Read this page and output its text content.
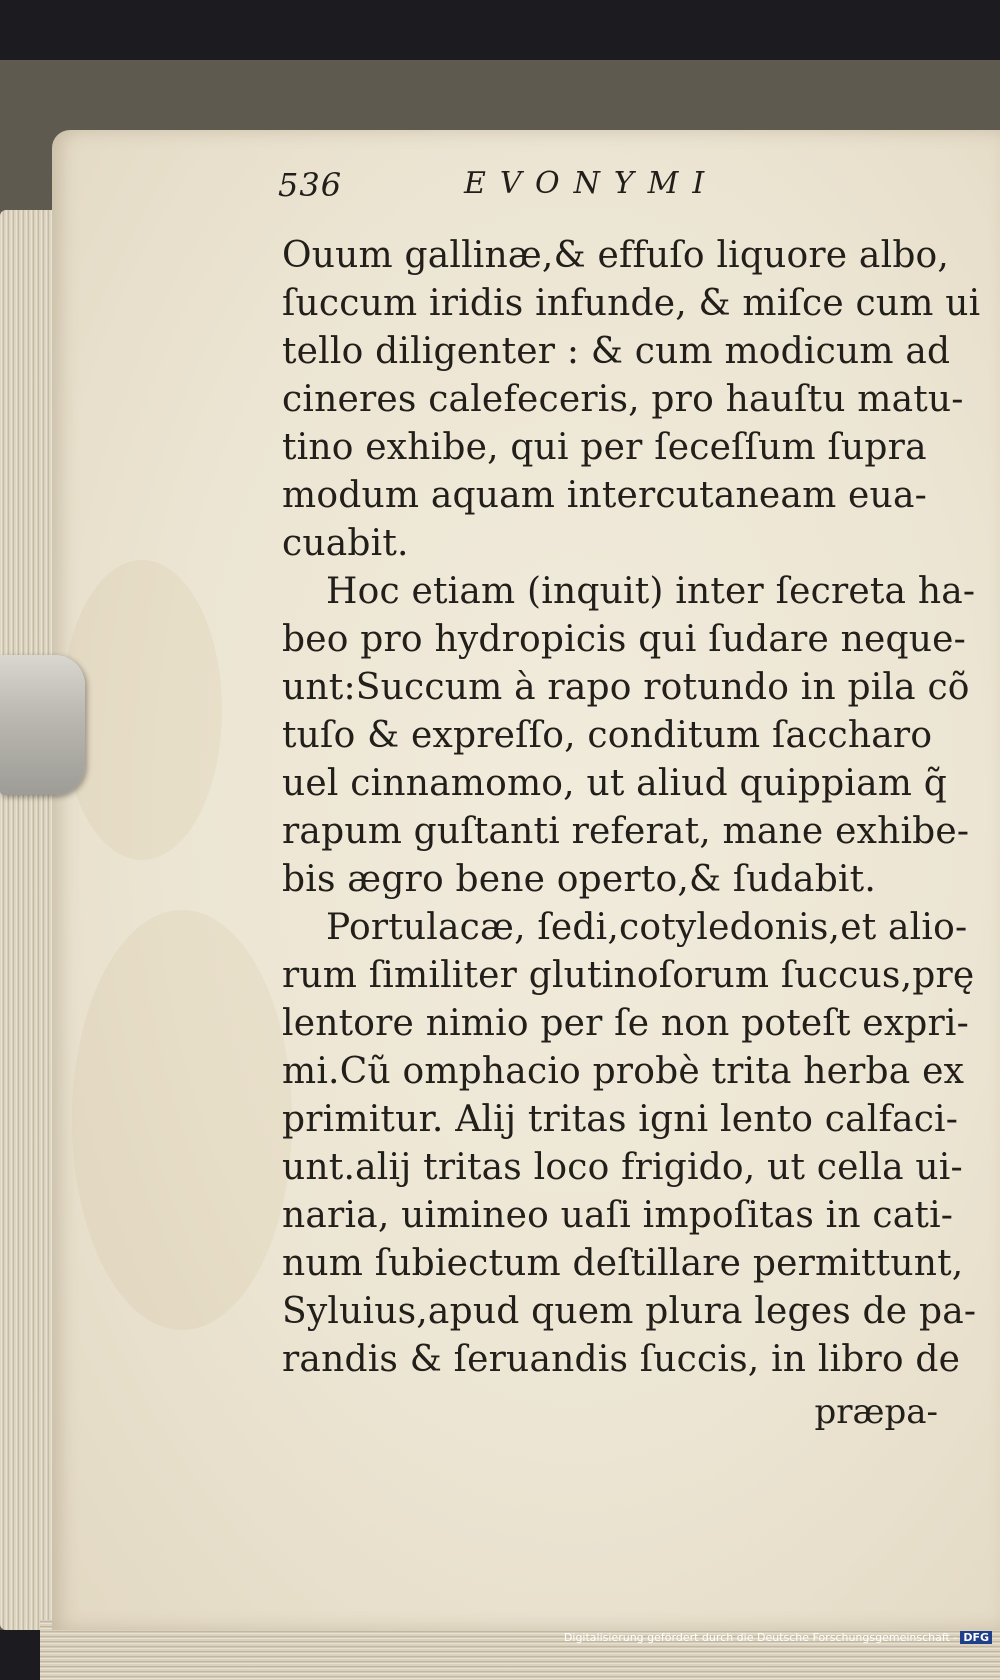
536	EVONYMI
Ouum gallinæ,& effuſo liquore albo,
ſuccum iridis infunde, & miſce cum ui
tello diligenter : & cum modicum ad
cineres calefeceris, pro hauſtu matu-
tino exhibe, qui per ſeceſſum ſupra
modum aquam intercutaneam eua-
cuabit.
Hoc etiam (inquit) inter ſecreta ha-
beo pro hydropicis qui ſudare neque-
unt:Succum à rapo rotundo in pila cõ
tuſo & expreſſo, conditum ſaccharo
uel cinnamomo, ut aliud quippiam q̃
rapum guſtanti referat, mane exhibe-
bis ægro bene operto,& ſudabit.
Portulacæ, ſedi,cotyledonis,et alio-
rum ſimiliter glutinoſorum ſuccus,prę
lentore nimio per ſe non poteſt expri-
mi.Cũ omphacio probè trita herba ex
primitur. Alij tritas igni lento calfaci-
unt.alij tritas loco frigido, ut cella ui-
naria, uimineo uaſi impoſitas in cati-
num ſubiectum deſtillare permittunt,
Syluius,apud quem plura leges de pa-
randis & ſeruandis ſuccis, in libro de
præpa-
Digitalisierung gefördert durch die Deutsche Forschungsgemeinschaft - DFG
